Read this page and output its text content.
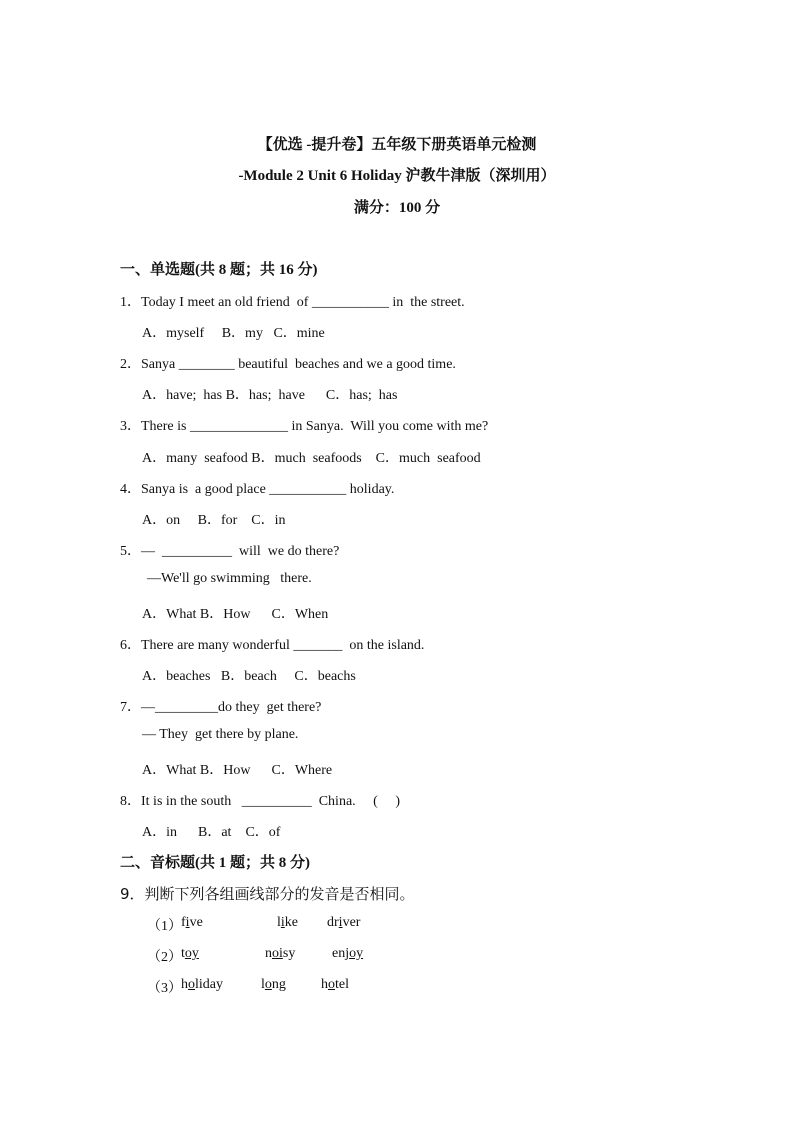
【优选 -提升卷】五年级下册英语单元检测
-Module 2 Unit 6 Holiday 沪教牛津版（深圳用）
满分：100 分
一、单选题(共 8 题；共 16 分)
1．Today I meet an old friend  of ___________ in  the street.
A．myself     B．my   C．mine
2．Sanya ________ beautiful  beaches and we a good time.
A．have;  has B．has;  have      C．has;  has
3．There is ______________ in Sanya.  Will you come with me?
A．many  seafood B．much  seafoods    C．much  seafood
4．Sanya is  a good place ___________ holiday.
A．on     B．for    C．in
5．—  __________  will  we do there?
—We'll go swimming   there.
A．What B．How      C．When
6．There are many wonderful _______  on the island.
A．beaches   B．beach     C．beachs
7．—_________do they  get there?
— They  get there by plane.
A．What B．How      C．Where
8．It is in the south   __________  China.     (     )
A．in      B．at    C．of
二、音标题(共 1 题；共 8 分)
9．判断下列各组画线部分的发音是否相同。
（1） five	like driver
（2） toy	noisy	enjoy
（3） holiday	long	hotel
